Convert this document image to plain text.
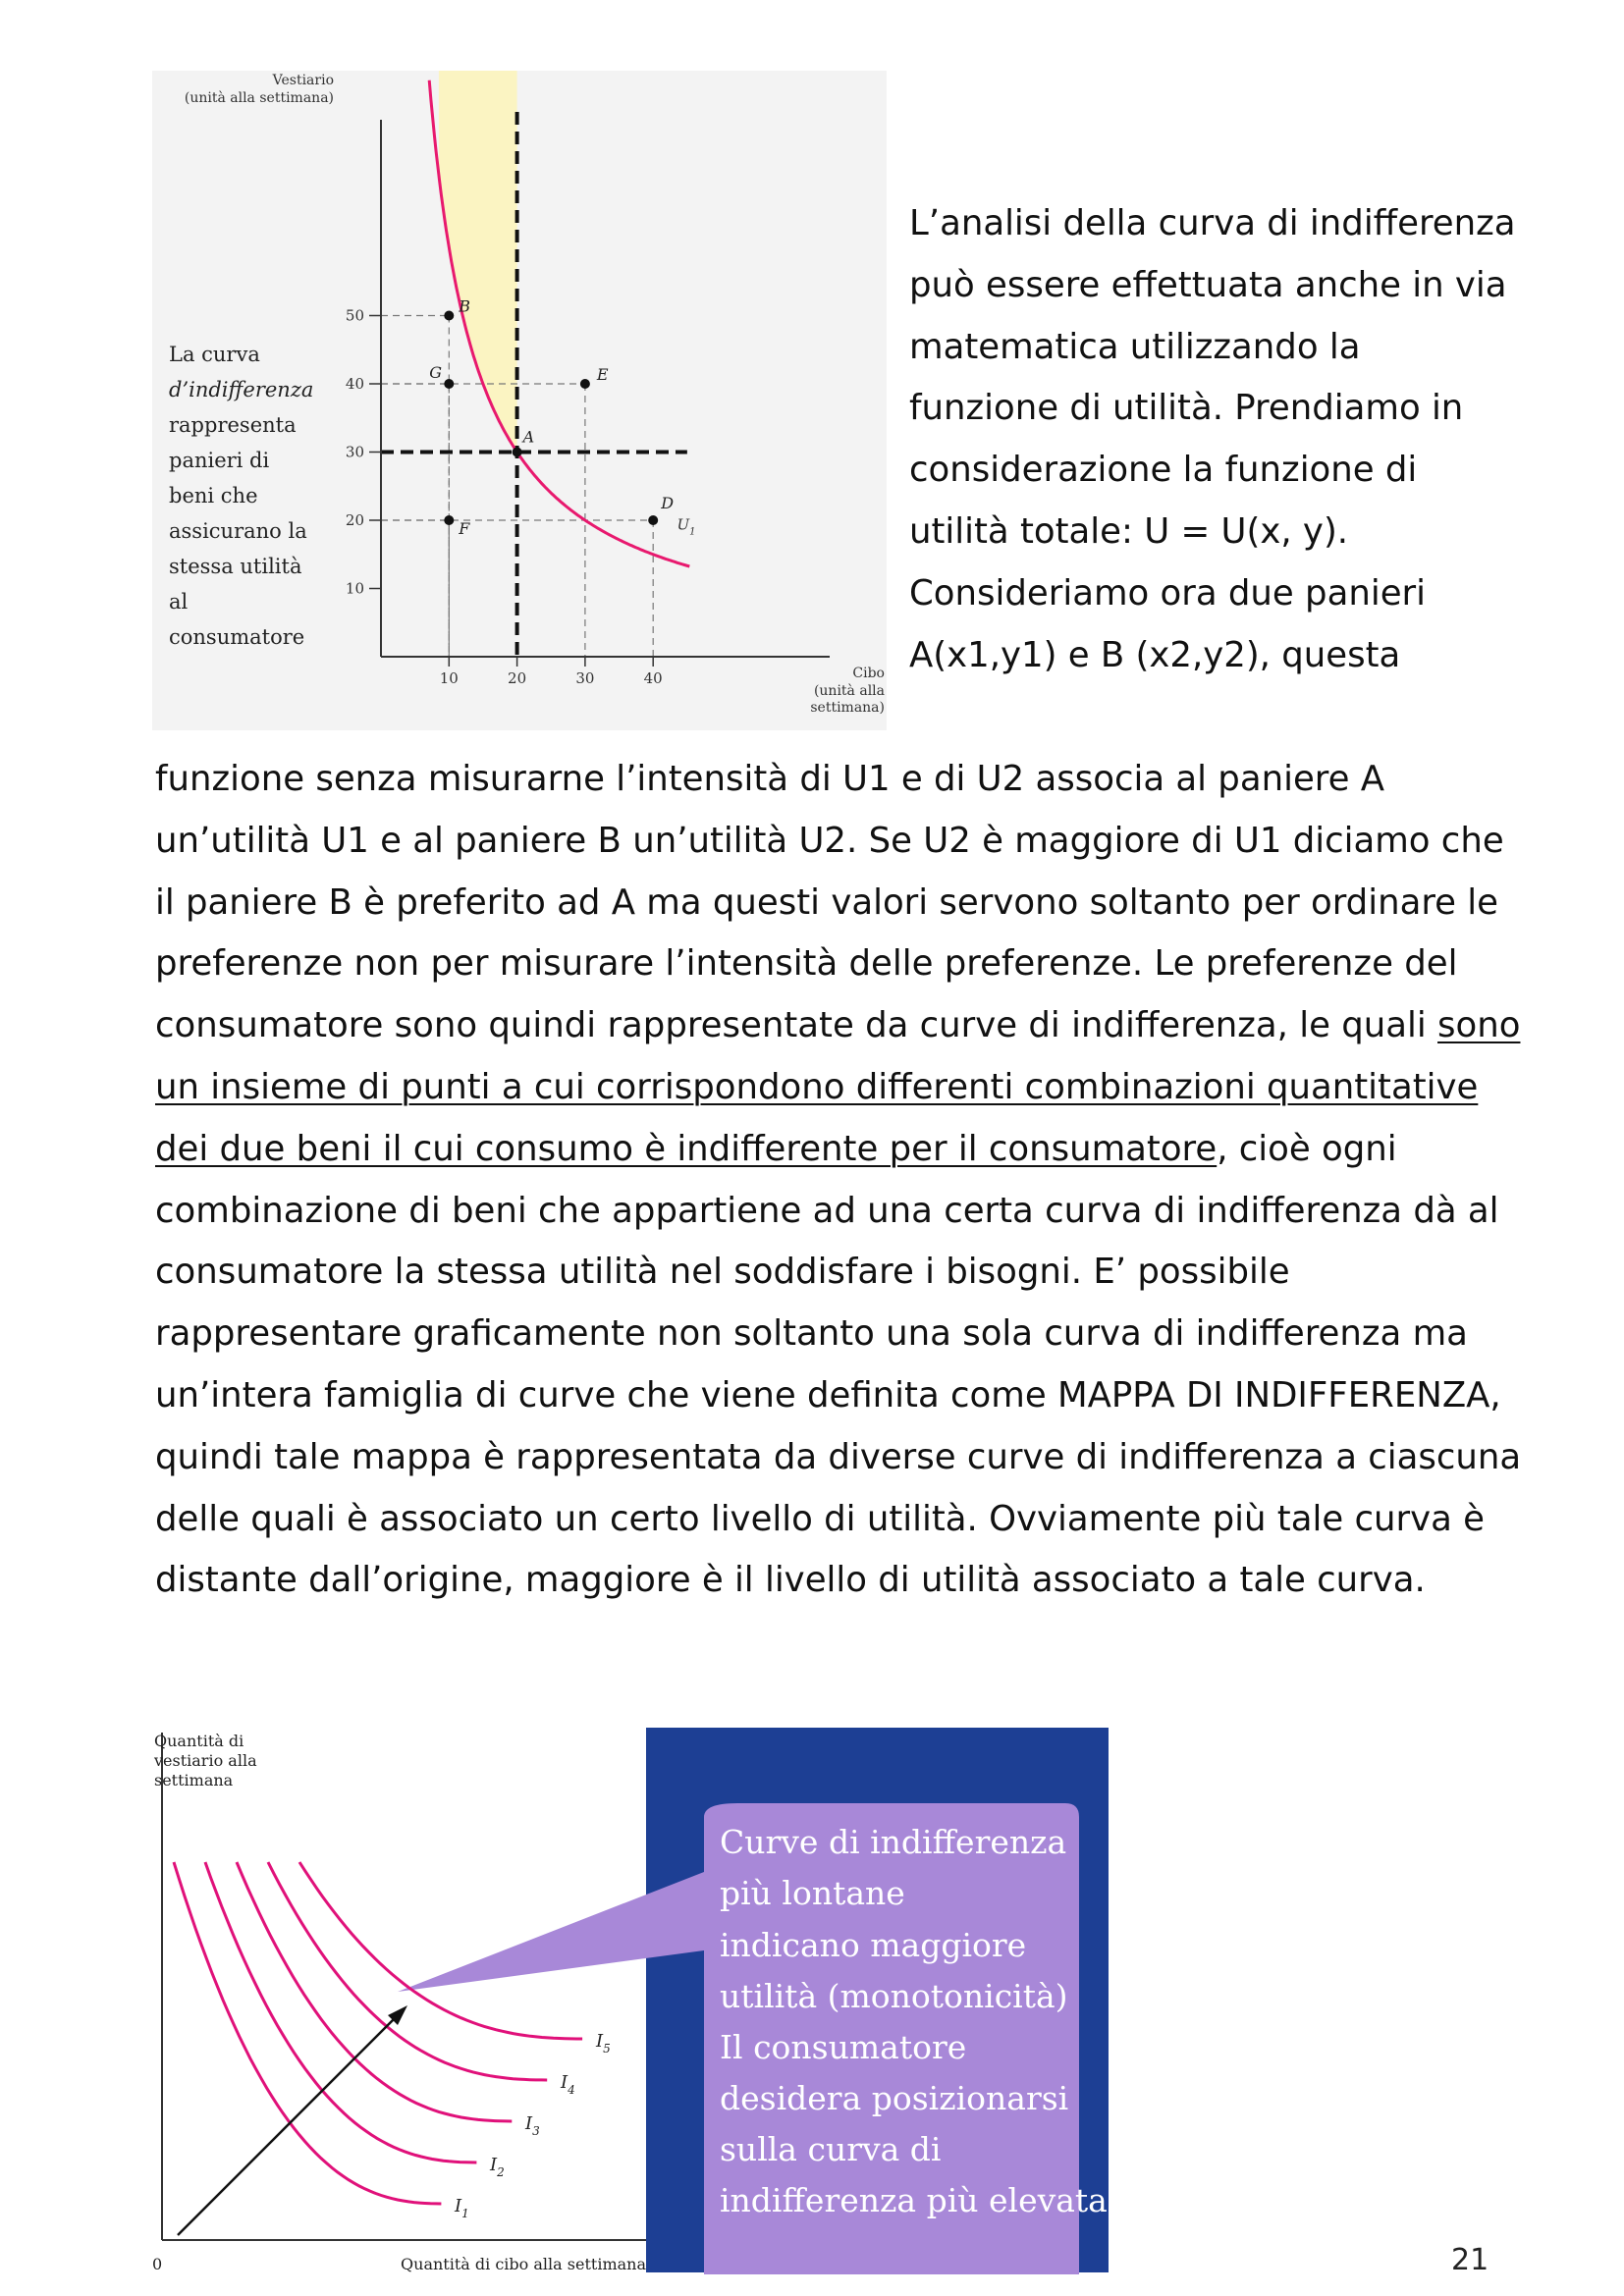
10
20
30
40
50
10	20	30	40
A
B
D
E
F
G
$U_1$
Vestiario
(unità alla settimana)
Cibo
(unità alla
settimana)
La curva
d’indifferenza
rappresenta
panieri di
beni che
assicurano la
stessa utilità
al
consumatore

L’analisi della curva di indifferenza può essere effettuata anche in via matematica utilizzando la funzione di utilità. Prendiamo in considerazione la funzione di utilità totale: U = U(x, y). Consideriamo ora due panieri A(x1,y1) e B (x2,y2), questa

funzione senza misurarne l’intensità di U1 e di U2 associa al paniere A un’utilità U1 e al paniere B un’utilità U2. Se U2 è maggiore di U1 diciamo che il paniere B è preferito ad A ma questi valori servono soltanto per ordinare le preferenze non per misurare l’intensità delle preferenze. Le preferenze del consumatore sono quindi rappresentate da curve di indifferenza, le quali sono un insieme di punti a cui corrispondono differenti combinazioni quantitative dei due beni il cui consumo è indifferente per il consumatore, cioè ogni combinazione di beni che appartiene ad una certa curva di indifferenza dà al consumatore la stessa utilità nel soddisfare i bisogni. E’ possibile rappresentare graficamente non soltanto una sola curva di indifferenza ma un’intera famiglia di curve che viene definita come MAPPA DI INDIFFERENZA, quindi tale mappa è rappresentata da diverse curve di indifferenza a ciascuna delle quali è associato un certo livello di utilità. Ovviamente più tale curva è distante dall’origine, maggiore è il livello di utilità associato a tale curva.

$I_1$
$I_2$
$I_3$
$I_4$
$I_5$
Quantità di
vestiario alla
settimana
0	Quantità di cibo alla settimana
Curve di indifferenza
più lontane
indicano maggiore
utilità (monotonicità)
Il consumatore
desidera posizionarsi
sulla curva di
indifferenza più elevata
21
